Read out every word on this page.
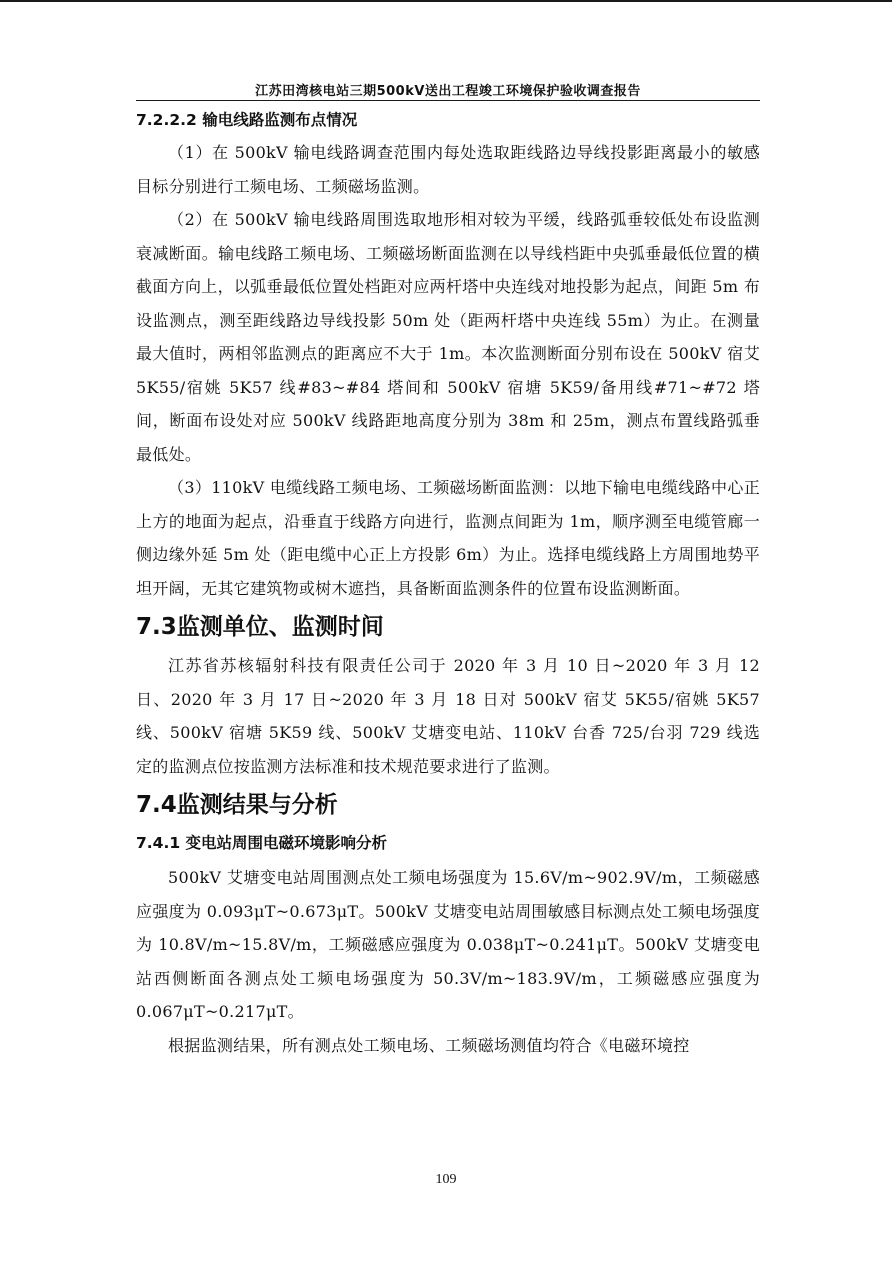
江苏田湾核电站三期500kV送出工程竣工环境保护验收调查报告
7.2.2.2 输电线路监测布点情况

（1）在 500kV 输电线路调查范围内每处选取距线路边导线投影距离最小的敏感目标分别进行工频电场、工频磁场监测。

（2）在 500kV 输电线路周围选取地形相对较为平缓，线路弧垂较低处布设监测衰减断面。输电线路工频电场、工频磁场断面监测在以导线档距中央弧垂最低位置的横截面方向上，以弧垂最低位置处档距对应两杆塔中央连线对地投影为起点，间距 5m 布设监测点，测至距线路边导线投影 50m 处（距两杆塔中央连线 55m）为止。在测量最大值时，两相邻监测点的距离应不大于 1m。本次监测断面分别布设在 500kV 宿艾 5K55/宿姚 5K57 线#83~#84 塔间和 500kV 宿塘 5K59/备用线#71~#72 塔间，断面布设处对应 500kV 线路距地高度分别为 38m 和 25m，测点布置线路弧垂最低处。

（3）110kV 电缆线路工频电场、工频磁场断面监测：以地下输电电缆线路中心正上方的地面为起点，沿垂直于线路方向进行，监测点间距为 1m，顺序测至电缆管廊一侧边缘外延 5m 处（距电缆中心正上方投影 6m）为止。选择电缆线路上方周围地势平坦开阔，无其它建筑物或树木遮挡，具备断面监测条件的位置布设监测断面。

7.3监测单位、监测时间

江苏省苏核辐射科技有限责任公司于 2020 年 3 月 10 日~2020 年 3 月 12 日、2020 年 3 月 17 日~2020 年 3 月 18 日对 500kV 宿艾 5K55/宿姚 5K57 线、500kV 宿塘 5K59 线、500kV 艾塘变电站、110kV 台香 725/台羽 729 线选定的监测点位按监测方法标准和技术规范要求进行了监测。

7.4监测结果与分析
7.4.1 变电站周围电磁环境影响分析

500kV 艾塘变电站周围测点处工频电场强度为 15.6V/m~902.9V/m，工频磁感应强度为 0.093μT~0.673μT。500kV 艾塘变电站周围敏感目标测点处工频电场强度为 10.8V/m~15.8V/m，工频磁感应强度为 0.038μT~0.241μT。500kV 艾塘变电站西侧断面各测点处工频电场强度为 50.3V/m~183.9V/m，工频磁感应强度为 0.067μT~0.217μT。

根据监测结果，所有测点处工频电场、工频磁场测值均符合《电磁环境控

109
